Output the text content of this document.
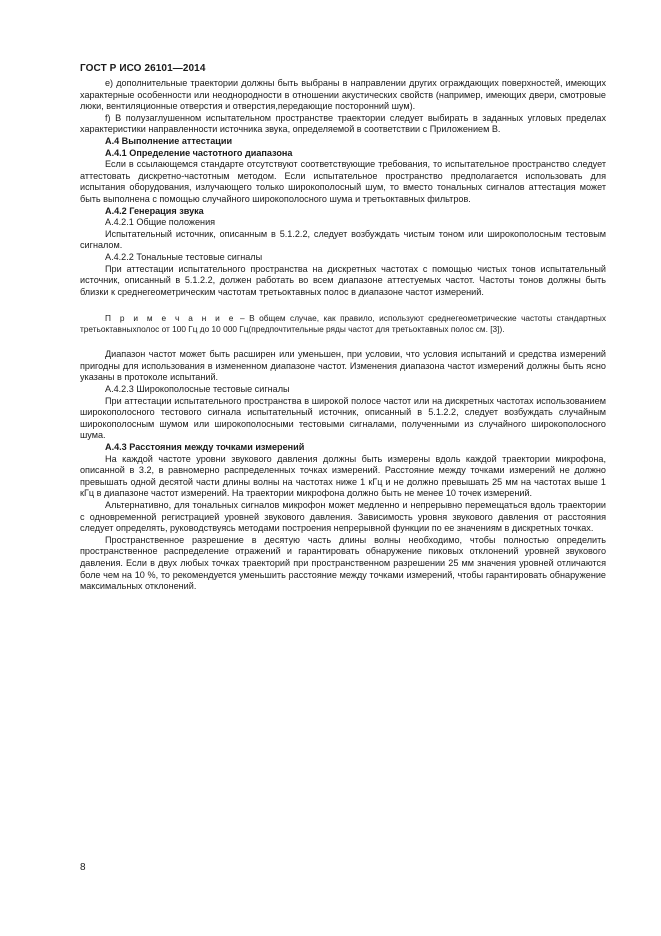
ГОСТ Р ИСО 26101—2014

е) дополнительные траектории должны быть выбраны в направлении других ограждающих поверхностей, имеющих характерные особенности или неоднородности в отношении акустических свойств (например, имеющих двери, смотровые люки, вентиляционные отверстия и отверстия,передающие посторонний шум).

f) В полузаглушенном испытательном пространстве траектории следует выбирать в заданных угловых пределах характеристики направленности источника звука, определяемой в соответствии с Приложением В.

А.4 Выполнение аттестации

А.4.1 Определение частотного диапазона

Если в ссылающемся стандарте отсутствуют соответствующие требования, то испытательное пространство следует аттестовать дискретно-частотным методом. Если испытательное пространство предполагается использовать для испытания оборудования, излучающего только широкополосный шум, то вместо тональных сигналов аттестация может быть выполнена с помощью случайного широкополосного шума и третьоктавных фильтров.

А.4.2 Генерация звука

А.4.2.1 Общие положения

Испытательный источник, описанным в 5.1.2.2, следует возбуждать чистым тоном или широкополосным тестовым сигналом.

А.4.2.2 Тональные тестовые сигналы

При аттестации испытательного пространства на дискретных частотах с помощью чистых тонов испытательный источник, описанный в 5.1.2.2, должен работать во всем диапазоне аттестуемых частот. Частоты тонов должны быть близки к среднегеометрическим частотам третьоктавных полос в диапазоне частот измерений.

П р и м е ч а н и е – В общем случае, как правило, используют среднегеометрические частоты стандартных третьоктавныхполос от 100 Гц до 10 000 Гц(предпочтительные ряды частот для третьоктавных полос см. [3]).

Диапазон частот может быть расширен или уменьшен, при условии, что условия испытаний и средства измерений пригодны для использования в измененном диапазоне частот. Изменения диапазона частот измерений должны быть ясно указаны в протоколе испытаний.

А.4.2.3 Широкополосные тестовые сигналы

При аттестации испытательного пространства в широкой полосе частот или на дискретных частотах использованием широкополосного тестового сигнала испытательный источник, описанный в 5.1.2.2, следует возбуждать случайным широкополосным шумом или широкополосными тестовыми сигналами, полученными из случайного широкополосного шума.

А.4.3 Расстояния между точками измерений

На каждой частоте уровни звукового давления должны быть измерены вдоль каждой траектории микрофона, описанной в 3.2, в равномерно распределенных точках измерений. Расстояние между точками измерений не должно превышать одной десятой части длины волны на частотах ниже 1 кГц и не должно превышать 25 мм на частотах выше 1 кГц в диапазоне частот измерений. На траектории микрофона должно быть не менее 10 точек измерений.

Альтернативно, для тональных сигналов микрофон может медленно и непрерывно перемещаться вдоль траектории с одновременной регистрацией уровней звукового давления. Зависимость уровня звукового давления от расстояния следует определять, руководствуясь методами построения непрерывной функции по ее значениям в дискретных точках.

Пространственное разрешение в десятую часть длины волны необходимо, чтобы полностью определить пространственное распределение отражений и гарантировать обнаружение пиковых отклонений уровней звукового давления. Если в двух любых точках траекторий при пространственном разрешении 25 мм значения уровней отличаются боле чем на 10 %, то рекомендуется уменьшить расстояние между точками измерений, чтобы гарантировать обнаружение максимальных отклонений.

8
